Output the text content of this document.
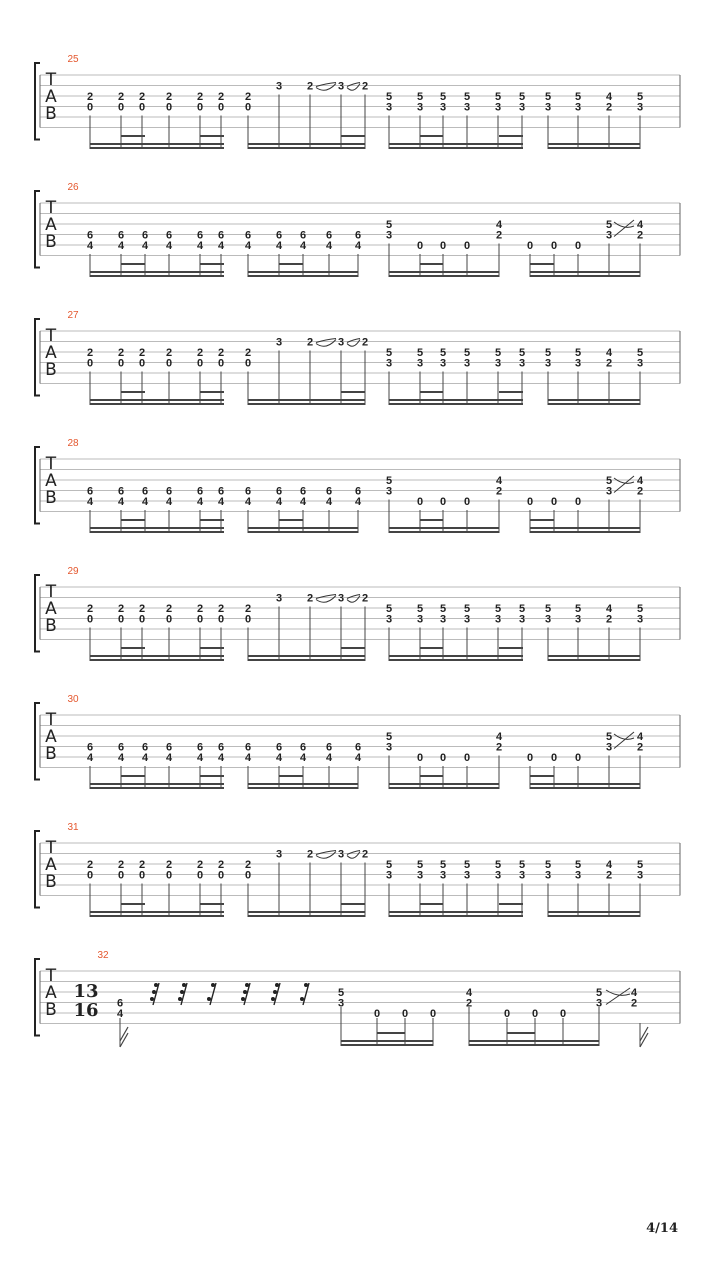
T
A
B
25
2
0
2
0
2
0
2
0
2
0
2
0
2
0
3 2 3 2
5
3
5
3
5
3
5
3
5
3
5
3
5
3
5
3
4
2
5
3
T
A
B
26
6
4
6
4
6
4
6
4
6
4
6
4
6
4
6
4
6
4
6
4
6
4
5
3
0 0 0
4
2
0 0 0
5
3
4
2
T
A
B
27
2
0
2
0
2
0
2
0
2
0
2
0
2
0
3 2 3 2
5
3
5
3
5
3
5
3
5
3
5
3
5
3
5
3
4
2
5
3
T
A
B
28
6
4
6
4
6
4
6
4
6
4
6
4
6
4
6
4
6
4
6
4
6
4
5
3
0 0 0
4
2
0 0 0
5
3
4
2
T
A
B
29
2
0
2
0
2
0
2
0
2
0
2
0
2
0
3 2 3 2
5
3
5
3
5
3
5
3
5
3
5
3
5
3
5
3
4
2
5
3
T
A
B
30
6
4
6
4
6
4
6
4
6
4
6
4
6
4
6
4
6
4
6
4
6
4
5
3
0 0 0
4
2
0 0 0
5
3
4
2
T
A
B
31
2
0
2
0
2
0
2
0
2
0
2
0
2
0
3 2 3 2
5
3
5
3
5
3
5
3
5
3
5
3
5
3
5
3
4
2
5
3
T
A
B
32
13
16 6
4
5
3
0 0 0
4
2
0 0 0
5
3
4
2
4/14
